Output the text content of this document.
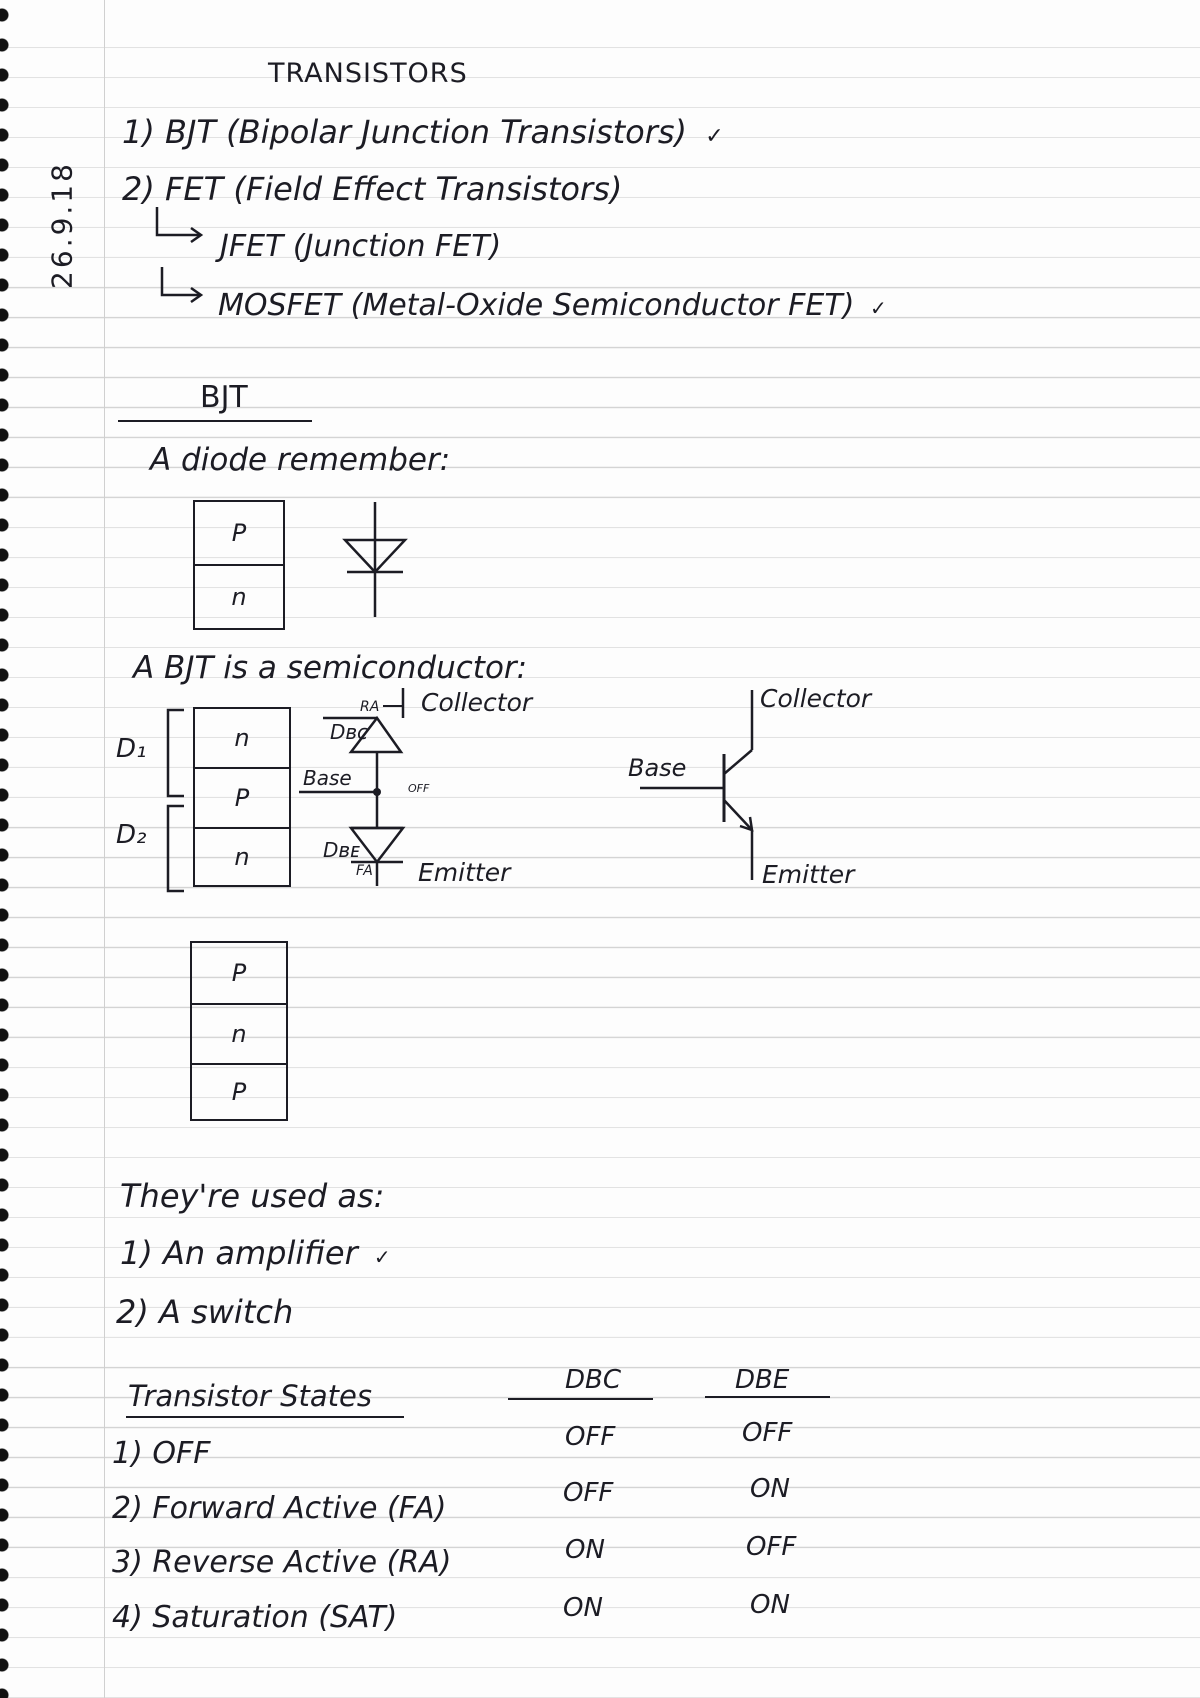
26.9.18
TRANSISTORS
1) BJT (Bipolar Junction Transistors) ✓
2) FET (Field Effect Transistors)
JFET (Junction FET)
MOSFET (Metal-Oxide Semiconductor FET) ✓
BJT
A diode remember:
P
n
A BJT is a semiconductor:
D₁
D₂
n
P
n
Dʙᴄ
RA Collector
Base	OFF
Dʙᴇ
FA Emitter
Collector
Base
Emitter
P
n
P
They're used as:
1) An amplifier ✓
2) A switch
Transistor States	DBC	DBE
1) OFF	OFF	OFF
2) Forward Active (FA)	OFF	ON
3) Reverse Active (RA)	ON	OFF
4) Saturation (SAT)	ON	ON
